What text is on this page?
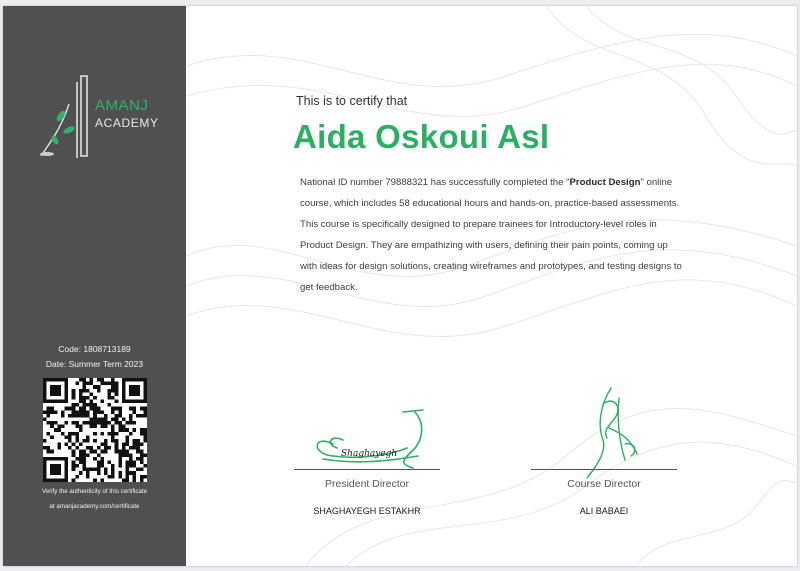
AMANJ
ACADEMY
Code: 1808713189
Date: Summer Term 2023
Verify the authenticity of this certificate
at amanjacademy.com/certificate
This is to certify that
Aida Oskoui Asl
National ID number 79888321 has successfully completed the "Product Design" online course, which includes 58 educational hours and hands-on, practice-based assessments. This course is specifically designed to prepare trainees for Introductory-level roles in Product Design. They are empathizing with users, defining their pain points, coming up with ideas for design solutions, creating wireframes and prototypes, and testing designs to get feedback.
Shaghayegh
President Director
SHAGHAYEGH ESTAKHR
Course Director
ALI BABAEI
